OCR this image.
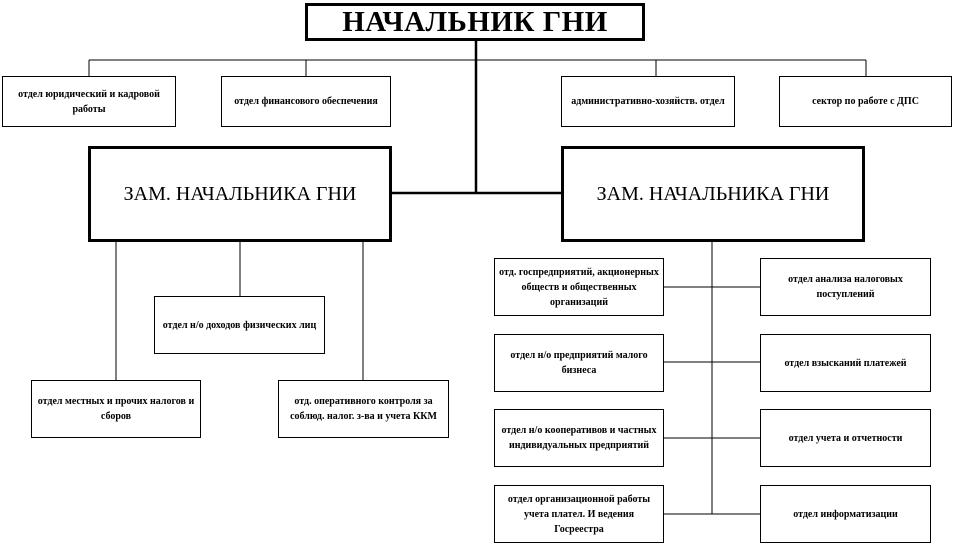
НАЧАЛЬНИК ГНИ
отдел юридический и кадровой работы
отдел финансового обеспечения	административно-хозяйств. отдел	сектор по работе с ДПС
ЗАМ. НАЧАЛЬНИКА ГНИ	ЗАМ. НАЧАЛЬНИКА ГНИ
отдел н/о доходов физических лиц
отдел местных и прочих налогов и сборов
отд. оперативного контроля за соблюд. налог. з-ва и учета ККМ
отд. госпредприятий, акционерных обществ и общественных организаций
отдел н/о предприятий малого бизнеса
отдел н/о кооперативов и частных индивидуальных предприятий
отдел организационной работы учета плател. И ведения Госреестра
отдел анализа налоговых поступлений
отдел взысканий платежей
отдел учета и отчетности
отдел информатизации
